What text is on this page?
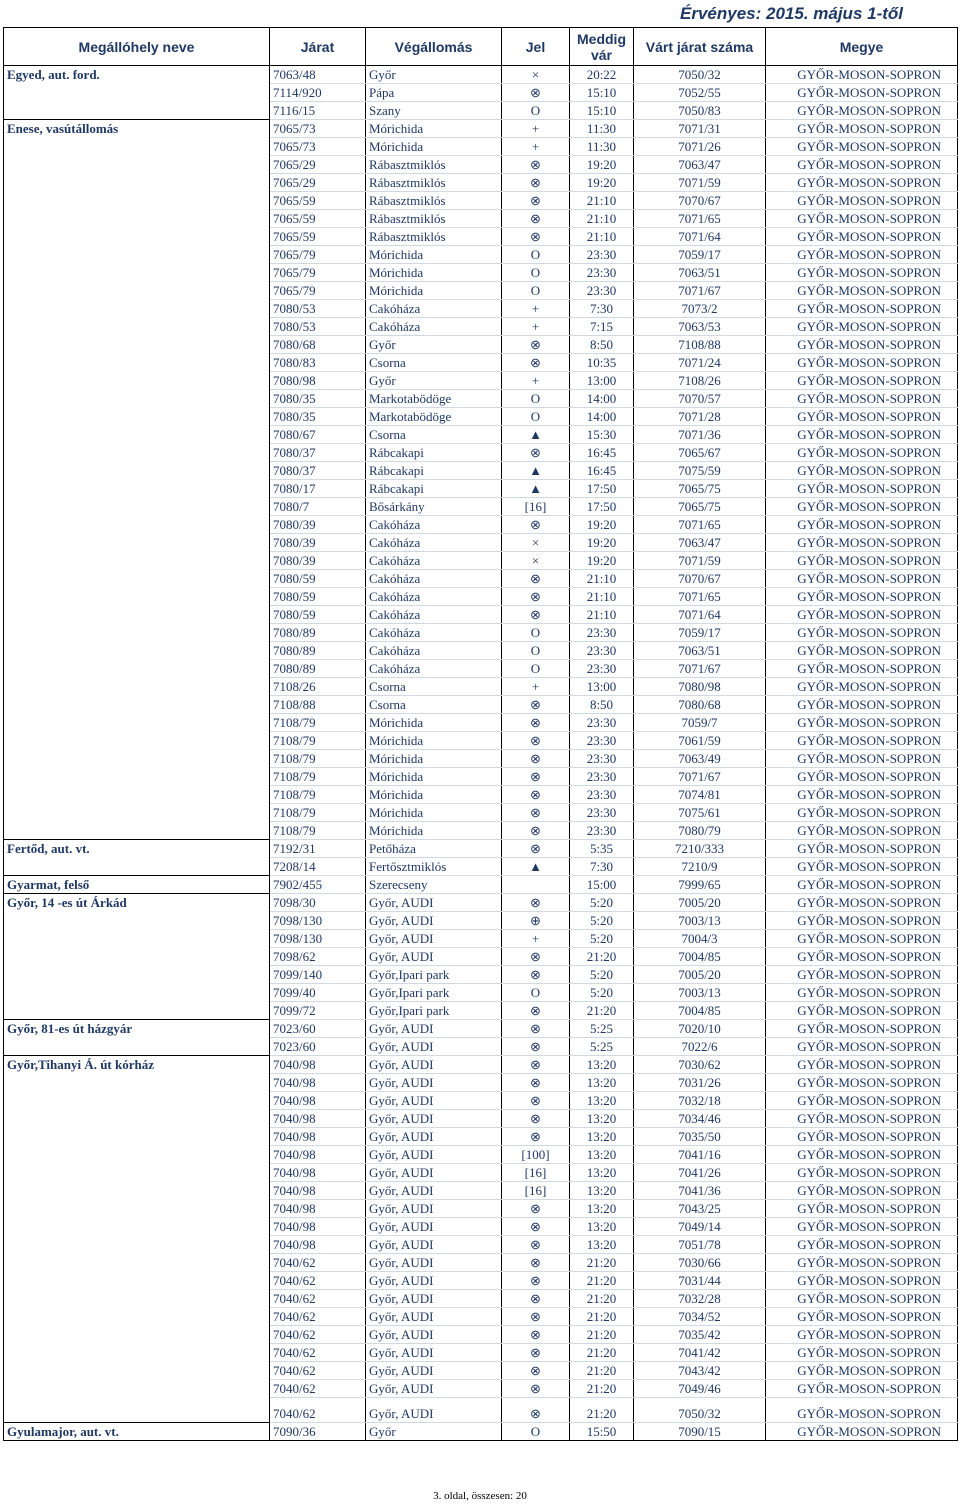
Érvényes: 2015. május 1-től
Megállóhely neve	Járat	Végállomás	Jel	Meddig vár	Várt járat száma	Megye
Egyed, aut. ford.	7063/48	Győr	×	20:22	7050/32	GYŐR-MOSON-SOPRON
	7114/920	Pápa	⊗	15:10	7052/55	GYŐR-MOSON-SOPRON
	7116/15	Szany	O	15:10	7050/83	GYŐR-MOSON-SOPRON
Enese, vasútállomás	7065/73	Mórichida	+	11:30	7071/31	GYŐR-MOSON-SOPRON
	7065/73	Mórichida	+	11:30	7071/26	GYŐR-MOSON-SOPRON
	7065/29	Rábasztmiklós	⊗	19:20	7063/47	GYŐR-MOSON-SOPRON
	7065/29	Rábasztmiklós	⊗	19:20	7071/59	GYŐR-MOSON-SOPRON
	7065/59	Rábasztmiklós	⊗	21:10	7070/67	GYŐR-MOSON-SOPRON
	7065/59	Rábasztmiklós	⊗	21:10	7071/65	GYŐR-MOSON-SOPRON
	7065/59	Rábasztmiklós	⊗	21:10	7071/64	GYŐR-MOSON-SOPRON
	7065/79	Mórichida	O	23:30	7059/17	GYŐR-MOSON-SOPRON
	7065/79	Mórichida	O	23:30	7063/51	GYŐR-MOSON-SOPRON
	7065/79	Mórichida	O	23:30	7071/67	GYŐR-MOSON-SOPRON
	7080/53	Cakóháza	+	7:30	7073/2	GYŐR-MOSON-SOPRON
	7080/53	Cakóháza	+	7:15	7063/53	GYŐR-MOSON-SOPRON
	7080/68	Győr	⊗	8:50	7108/88	GYŐR-MOSON-SOPRON
	7080/83	Csorna	⊗	10:35	7071/24	GYŐR-MOSON-SOPRON
	7080/98	Győr	+	13:00	7108/26	GYŐR-MOSON-SOPRON
	7080/35	Markotabödöge	O	14:00	7070/57	GYŐR-MOSON-SOPRON
	7080/35	Markotabödöge	O	14:00	7071/28	GYŐR-MOSON-SOPRON
	7080/67	Csorna	▲	15:30	7071/36	GYŐR-MOSON-SOPRON
	7080/37	Rábcakapi	⊗	16:45	7065/67	GYŐR-MOSON-SOPRON
	7080/37	Rábcakapi	▲	16:45	7075/59	GYŐR-MOSON-SOPRON
	7080/17	Rábcakapi	▲	17:50	7065/75	GYŐR-MOSON-SOPRON
	7080/7	Bősárkány	[16]	17:50	7065/75	GYŐR-MOSON-SOPRON
	7080/39	Cakóháza	⊗	19:20	7071/65	GYŐR-MOSON-SOPRON
	7080/39	Cakóháza	×	19:20	7063/47	GYŐR-MOSON-SOPRON
	7080/39	Cakóháza	×	19:20	7071/59	GYŐR-MOSON-SOPRON
	7080/59	Cakóháza	⊗	21:10	7070/67	GYŐR-MOSON-SOPRON
	7080/59	Cakóháza	⊗	21:10	7071/65	GYŐR-MOSON-SOPRON
	7080/59	Cakóháza	⊗	21:10	7071/64	GYŐR-MOSON-SOPRON
	7080/89	Cakóháza	O	23:30	7059/17	GYŐR-MOSON-SOPRON
	7080/89	Cakóháza	O	23:30	7063/51	GYŐR-MOSON-SOPRON
	7080/89	Cakóháza	O	23:30	7071/67	GYŐR-MOSON-SOPRON
	7108/26	Csorna	+	13:00	7080/98	GYŐR-MOSON-SOPRON
	7108/88	Csorna	⊗	8:50	7080/68	GYŐR-MOSON-SOPRON
	7108/79	Mórichida	⊗	23:30	7059/7	GYŐR-MOSON-SOPRON
	7108/79	Mórichida	⊗	23:30	7061/59	GYŐR-MOSON-SOPRON
	7108/79	Mórichida	⊗	23:30	7063/49	GYŐR-MOSON-SOPRON
	7108/79	Mórichida	⊗	23:30	7071/67	GYŐR-MOSON-SOPRON
	7108/79	Mórichida	⊗	23:30	7074/81	GYŐR-MOSON-SOPRON
	7108/79	Mórichida	⊗	23:30	7075/61	GYŐR-MOSON-SOPRON
	7108/79	Mórichida	⊗	23:30	7080/79	GYŐR-MOSON-SOPRON
Fertőd, aut. vt.	7192/31	Petőháza	⊗	5:35	7210/333	GYŐR-MOSON-SOPRON
	7208/14	Fertősztmiklós	▲	7:30	7210/9	GYŐR-MOSON-SOPRON
Gyarmat, felső	7902/455	Szerecseny		15:00	7999/65	GYŐR-MOSON-SOPRON
Győr, 14 -es út Árkád	7098/30	Győr, AUDI	⊗	5:20	7005/20	GYŐR-MOSON-SOPRON
	7098/130	Győr, AUDI	⊕	5:20	7003/13	GYŐR-MOSON-SOPRON
	7098/130	Győr, AUDI	+	5:20	7004/3	GYŐR-MOSON-SOPRON
	7098/62	Győr, AUDI	⊗	21:20	7004/85	GYŐR-MOSON-SOPRON
	7099/140	Győr,Ipari park	⊗	5:20	7005/20	GYŐR-MOSON-SOPRON
	7099/40	Győr,Ipari park	O	5:20	7003/13	GYŐR-MOSON-SOPRON
	7099/72	Győr,Ipari park	⊗	21:20	7004/85	GYŐR-MOSON-SOPRON
Győr, 81-es út házgyár	7023/60	Győr, AUDI	⊗	5:25	7020/10	GYŐR-MOSON-SOPRON
	7023/60	Győr, AUDI	⊗	5:25	7022/6	GYŐR-MOSON-SOPRON
Győr,Tihanyi Á. út kórház	7040/98	Győr, AUDI	⊗	13:20	7030/62	GYŐR-MOSON-SOPRON
	7040/98	Győr, AUDI	⊗	13:20	7031/26	GYŐR-MOSON-SOPRON
	7040/98	Győr, AUDI	⊗	13:20	7032/18	GYŐR-MOSON-SOPRON
	7040/98	Győr, AUDI	⊗	13:20	7034/46	GYŐR-MOSON-SOPRON
	7040/98	Győr, AUDI	⊗	13:20	7035/50	GYŐR-MOSON-SOPRON
	7040/98	Győr, AUDI	[100]	13:20	7041/16	GYŐR-MOSON-SOPRON
	7040/98	Győr, AUDI	[16]	13:20	7041/26	GYŐR-MOSON-SOPRON
	7040/98	Győr, AUDI	[16]	13:20	7041/36	GYŐR-MOSON-SOPRON
	7040/98	Győr, AUDI	⊗	13:20	7043/25	GYŐR-MOSON-SOPRON
	7040/98	Győr, AUDI	⊗	13:20	7049/14	GYŐR-MOSON-SOPRON
	7040/98	Győr, AUDI	⊗	13:20	7051/78	GYŐR-MOSON-SOPRON
	7040/62	Győr, AUDI	⊗	21:20	7030/66	GYŐR-MOSON-SOPRON
	7040/62	Győr, AUDI	⊗	21:20	7031/44	GYŐR-MOSON-SOPRON
	7040/62	Győr, AUDI	⊗	21:20	7032/28	GYŐR-MOSON-SOPRON
	7040/62	Győr, AUDI	⊗	21:20	7034/52	GYŐR-MOSON-SOPRON
	7040/62	Győr, AUDI	⊗	21:20	7035/42	GYŐR-MOSON-SOPRON
	7040/62	Győr, AUDI	⊗	21:20	7041/42	GYŐR-MOSON-SOPRON
	7040/62	Győr, AUDI	⊗	21:20	7043/42	GYŐR-MOSON-SOPRON
	7040/62	Győr, AUDI	⊗	21:20	7049/46	GYŐR-MOSON-SOPRON
	7040/62	Győr, AUDI	⊗	21:20	7050/32	GYŐR-MOSON-SOPRON
Gyulamajor, aut. vt.	7090/36	Győr	O	15:50	7090/15	GYŐR-MOSON-SOPRON
3. oldal, összesen: 20
